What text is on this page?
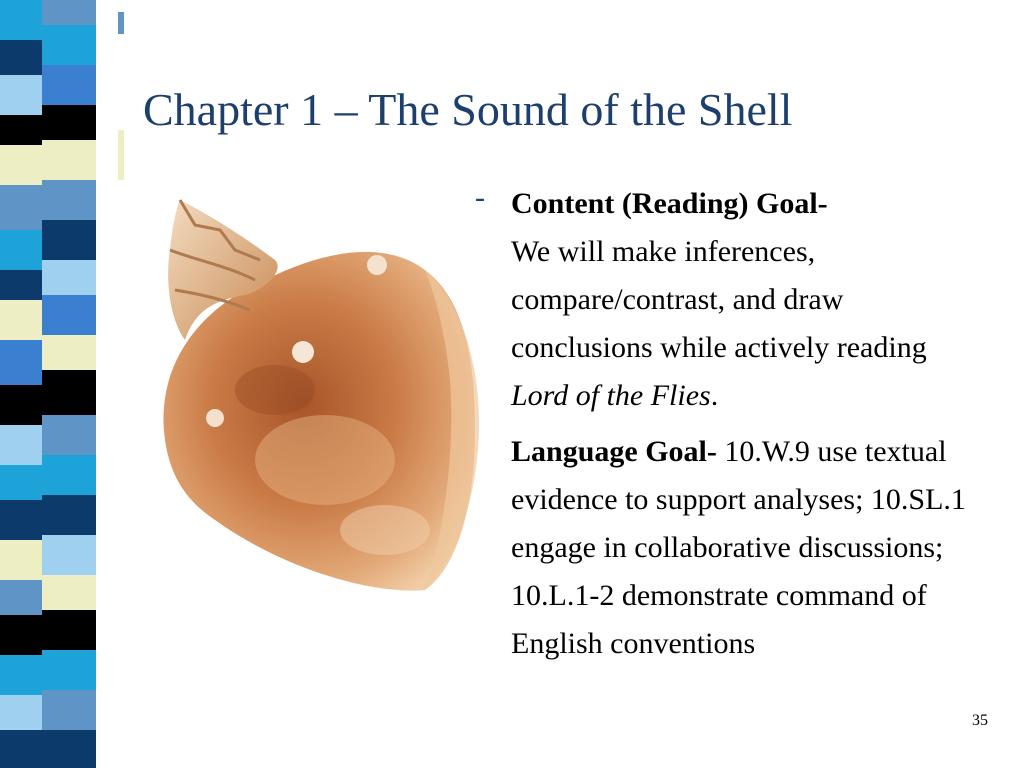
Chapter 1 – The Sound of the Shell
- Content (Reading) Goal-
We will make inferences, compare/contrast, and draw conclusions while actively reading Lord of the Flies.
Language Goal- 10.W.9 use textual evidence to support analyses; 10.SL.1 engage in collaborative discussions; 10.L.1-2 demonstrate command of English conventions
35
